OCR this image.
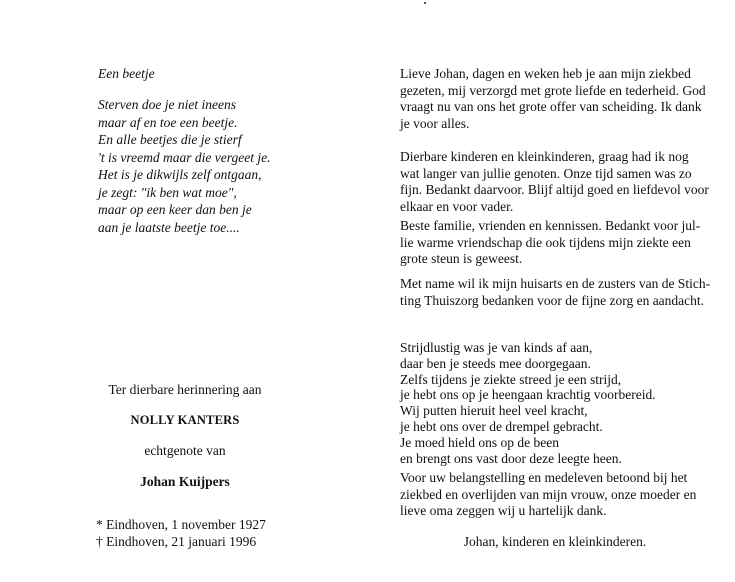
Een beetje
Sterven doe je niet ineens
maar af en toe een beetje.
En alle beetjes die je stierf
't is vreemd maar die vergeet je.
Het is je dikwijls zelf ontgaan,
je zegt: "ik ben wat moe",
maar op een keer dan ben je
aan je laatste beetje toe....
Ter dierbare herinnering aan
NOLLY KANTERS
echtgenote van
Johan Kuijpers
* Eindhoven, 1 november 1927
† Eindhoven, 21 januari 1996
Lieve Johan, dagen en weken heb je aan mijn ziekbed
gezeten, mij verzorgd met grote liefde en tederheid. God
vraagt nu van ons het grote offer van scheiding. Ik dank
je voor alles.
Dierbare kinderen en kleinkinderen, graag had ik nog
wat langer van jullie genoten. Onze tijd samen was zo
fijn. Bedankt daarvoor. Blijf altijd goed en liefdevol voor
elkaar en voor vader.
Beste familie, vrienden en kennissen. Bedankt voor jul-
lie warme vriendschap die ook tijdens mijn ziekte een
grote steun is geweest.
Met name wil ik mijn huisarts en de zusters van de Stich-
ting Thuiszorg bedanken voor de fijne zorg en aandacht.
Strijdlustig was je van kinds af aan,
daar ben je steeds mee doorgegaan.
Zelfs tijdens je ziekte streed je een strijd,
je hebt ons op je heengaan krachtig voorbereid.
Wij putten hieruit heel veel kracht,
je hebt ons over de drempel gebracht.
Je moed hield ons op de been
en brengt ons vast door deze leegte heen.
Voor uw belangstelling en medeleven betoond bij het
ziekbed en overlijden van mijn vrouw, onze moeder en
lieve oma zeggen wij u hartelijk dank.
Johan, kinderen en kleinkinderen.
